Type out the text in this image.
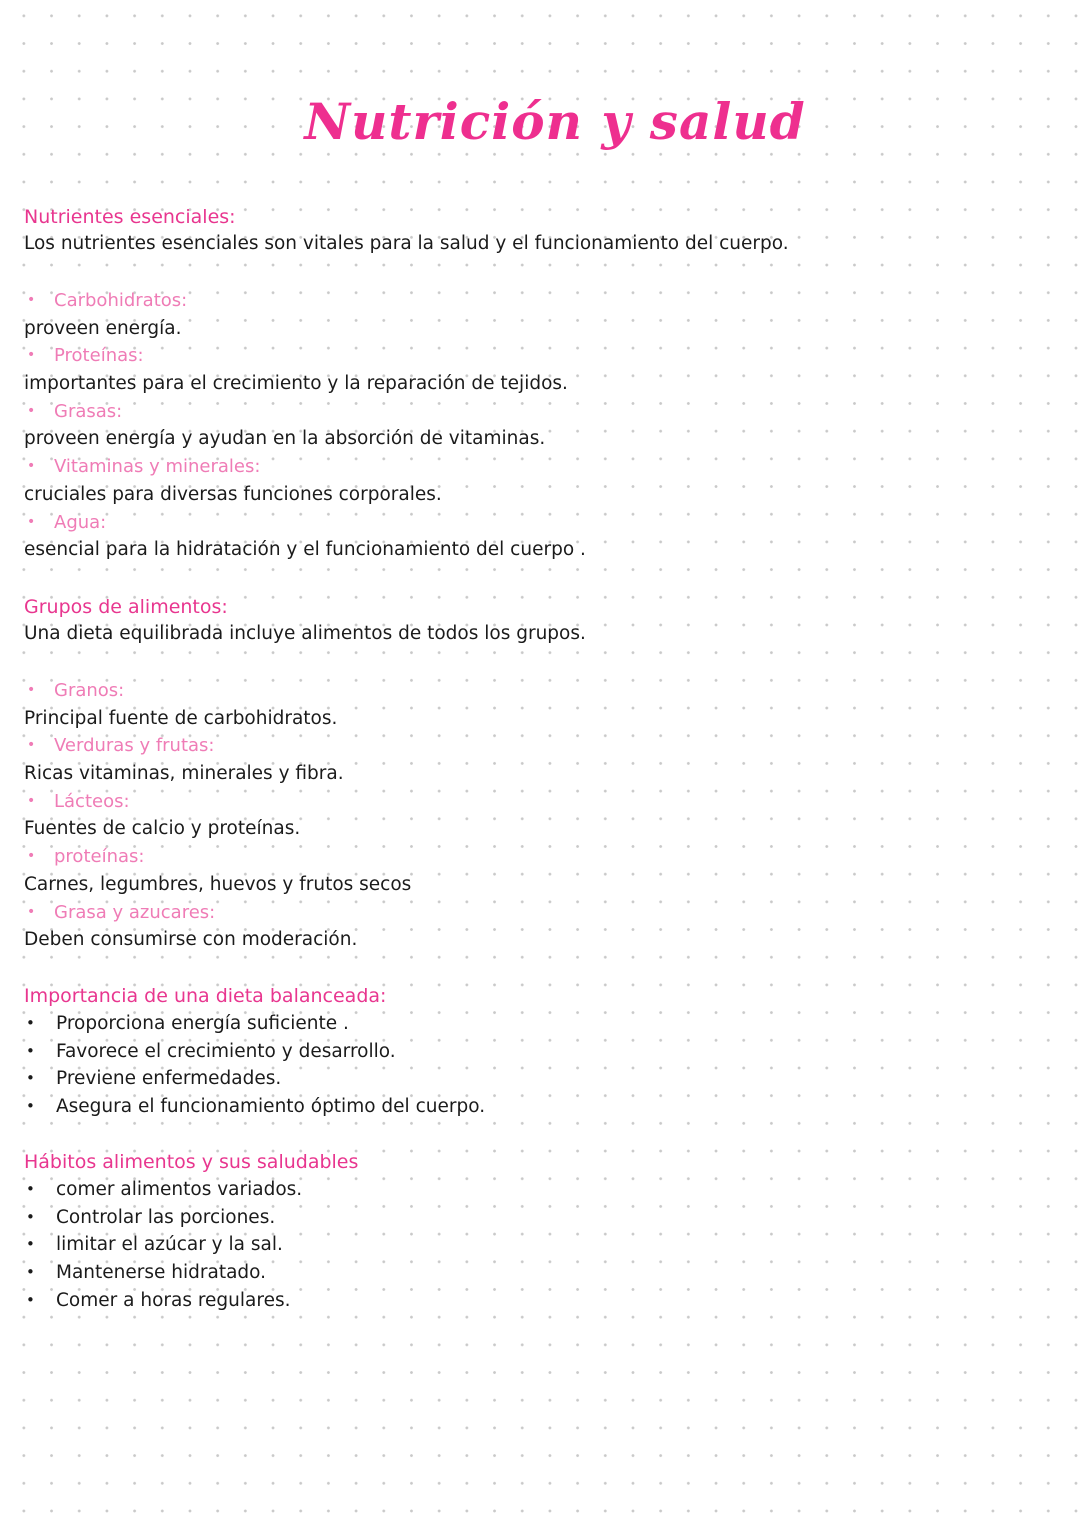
Nutrición y salud
Nutrientes esenciales:
Los nutrientes esenciales son vitales para la salud y el funcionamiento del cuerpo.
• Carbohidratos:
proveen energía.
• Proteínas:
importantes para el crecimiento y la reparación de tejidos.
• Grasas:
proveen energía y ayudan en la absorción de vitaminas.
• Vitaminas y minerales:
cruciales para diversas funciones corporales.
• Agua:
esencial para la hidratación y el funcionamiento del cuerpo .
Grupos de alimentos:
Una dieta equilibrada incluye alimentos de todos los grupos.
• Granos:
Principal fuente de carbohidratos.
• Verduras y frutas:
Ricas vitaminas, minerales y fibra.
• Lácteos:
Fuentes de calcio y proteínas.
• proteínas:
Carnes, legumbres, huevos y frutos secos
• Grasa y azucares:
Deben consumirse con moderación.
Importancia de una dieta balanceada:
• Proporciona energía suficiente .
• Favorece el crecimiento y desarrollo.
• Previene enfermedades.
• Asegura el funcionamiento óptimo del cuerpo.
Hábitos alimentos y sus saludables
• comer alimentos variados.
• Controlar las porciones.
• limitar el azúcar y la sal.
• Mantenerse hidratado.
• Comer a horas regulares.
